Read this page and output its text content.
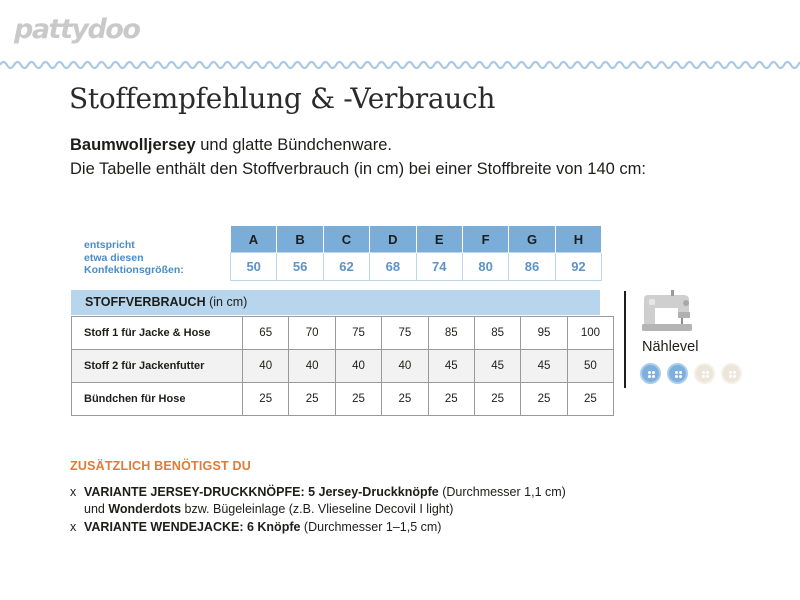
pattydoo
Stoffempfehlung & -Verbrauch
Baumwolljersey und glatte Bündchenware.
Die Tabelle enthält den Stoffverbrauch (in cm) bei einer Stoffbreite von 140 cm:
entspricht
etwa diesen
Konfektionsgrößen:
A	B	C	D	E	F	G	H
50	56	62	68	74	80	86	92
STOFFVERBRAUCH (in cm)
Stoff 1 für Jacke & Hose	65	70	75	75	85	85	95	100
Stoff 2 für Jackenfutter	40	40	40	40	45	45	45	50
Bündchen für Hose	25	25	25	25	25	25	25	25
Nählevel
ZUSÄTZLICH BENÖTIGST DU
x VARIANTE JERSEY-DRUCKKNÖPFE: 5 Jersey-Druckknöpfe (Durchmesser 1,1 cm)
und Wonderdots bzw. Bügeleinlage (z.B. Vlieseline Decovil I light)
x VARIANTE WENDEJACKE: 6 Knöpfe (Durchmesser 1–1,5 cm)
